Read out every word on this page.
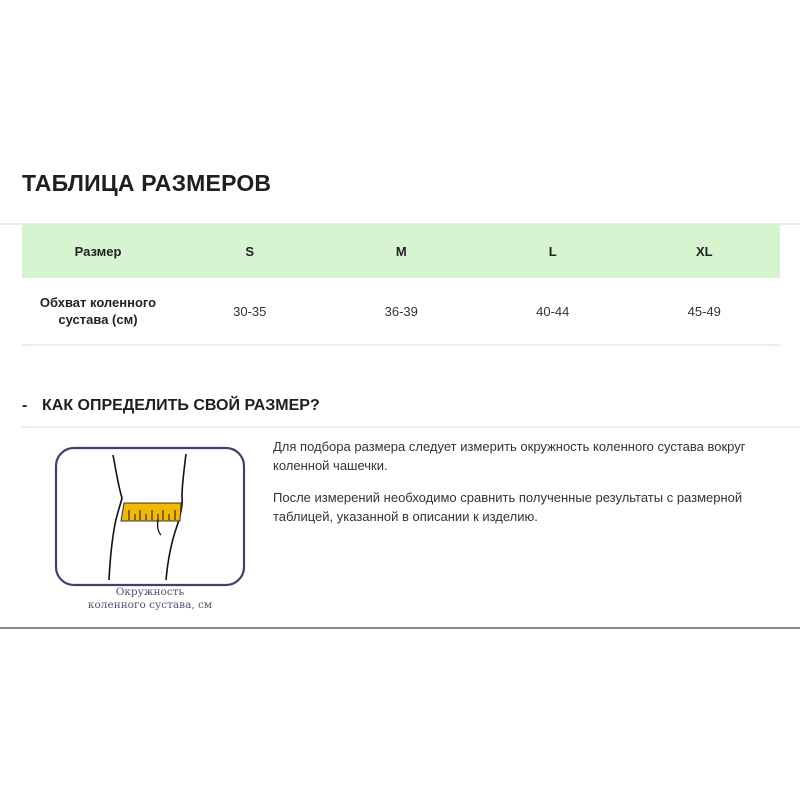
ТАБЛИЦА РАЗМЕРОВ
Размер	S	M	L	XL
Обхват коленного сустава (см)	30-35	36-39	40-44	45-49
- КАК ОПРЕДЕЛИТЬ СВОЙ РАЗМЕР?
Окружность
коленного сустава, см

Для подбора размера следует измерить окружность коленного сустава вокруг коленной чашечки.

После измерений необходимо сравнить полученные результаты с размерной таблицей, указанной в описании к изделию.
